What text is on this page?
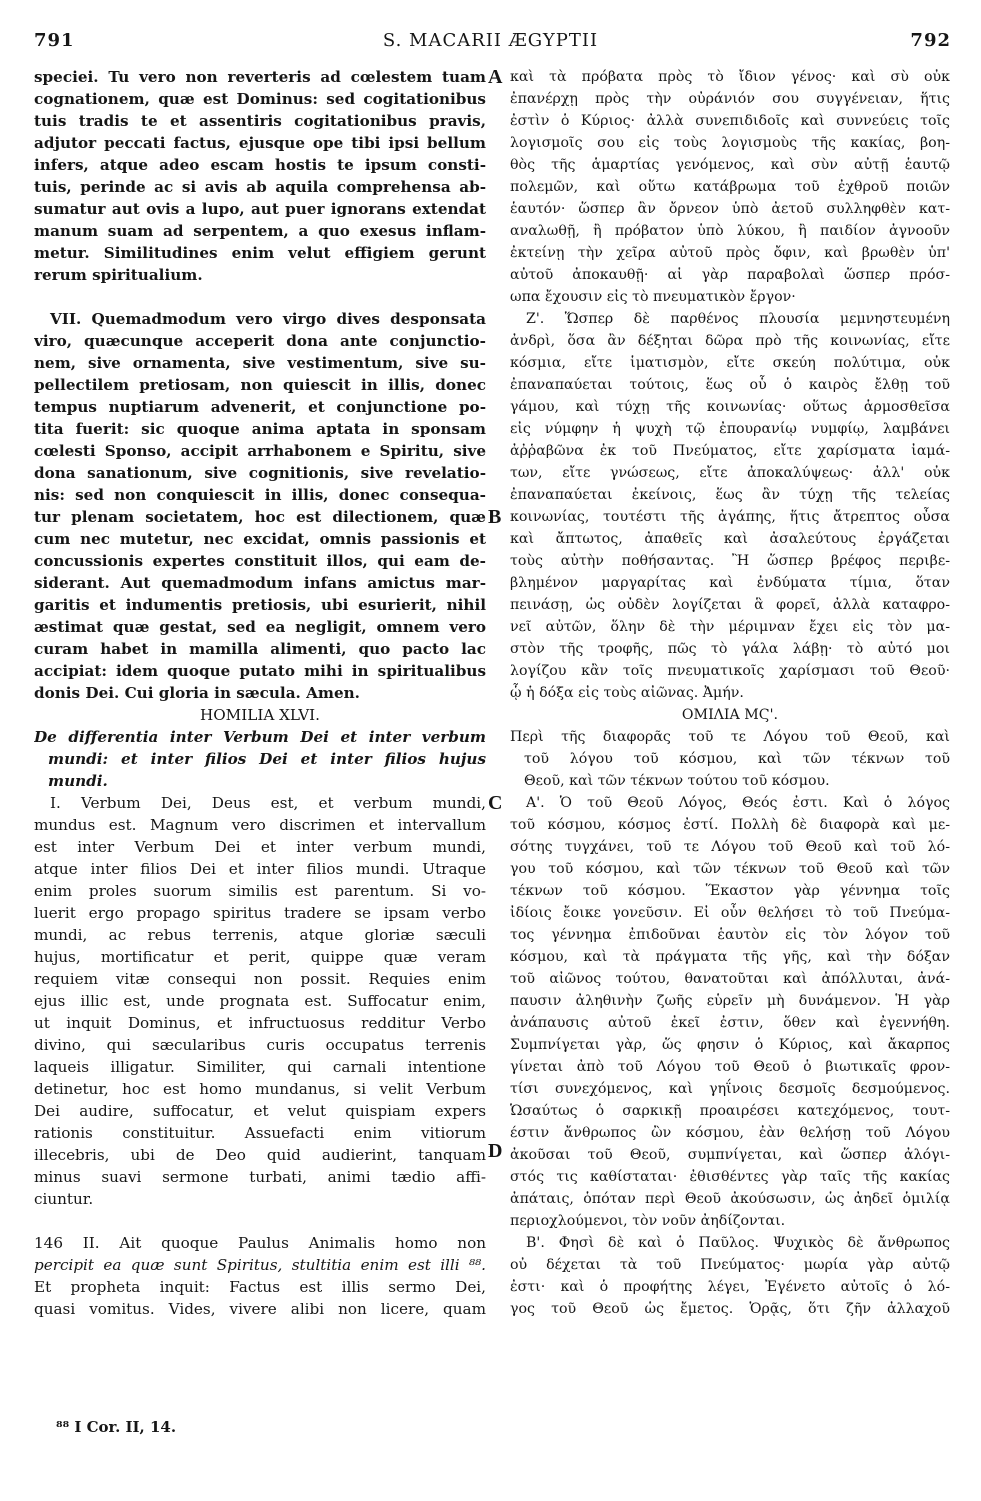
791	S. MACARII ÆGYPTII	792
speciei. Tu vero non reverteris ad cœlestem tuam
cognationem, quæ est Dominus: sed cogitationibus
tuis tradis te et assentiris cogitationibus pravis,
adjutor peccati factus, ejusque ope tibi ipsi bellum
infers, atque adeo escam hostis te ipsum consti-
tuis, perinde ac si avis ab aquila comprehensa ab-
sumatur aut ovis a lupo, aut puer ignorans extendat
manum suam ad serpentem, a quo exesus inflam-
metur. Similitudines enim velut effigiem gerunt
rerum spiritualium.
VII. Quemadmodum vero virgo dives desponsata
viro, quæcunque acceperit dona ante conjunctio-
nem, sive ornamenta, sive vestimentum, sive su-
pellectilem pretiosam, non quiescit in illis, donec
tempus nuptiarum advenerit, et conjunctione po-
tita fuerit: sic quoque anima aptata in sponsam
cœlesti Sponso, accipit arrhabonem e Spiritu, sive
dona sanationum, sive cognitionis, sive revelatio-
nis: sed non conquiescit in illis, donec consequa-
tur plenam societatem, hoc est dilectionem, quæ
cum nec mutetur, nec excidat, omnis passionis et
concussionis expertes constituit illos, qui eam de-
siderant. Aut quemadmodum infans amictus mar-
garitis et indumentis pretiosis, ubi esurierit, nihil
æstimat quæ gestat, sed ea negligit, omnem vero
curam habet in mamilla alimenti, quo pacto lac
accipiat: idem quoque putato mihi in spiritualibus
donis Dei. Cui gloria in sæcula. Amen.
HOMILIA XLVI.
De differentia inter Verbum Dei et inter verbum
mundi: et inter filios Dei et inter filios hujus
mundi.
I. Verbum Dei, Deus est, et verbum mundi,
mundus est. Magnum vero discrimen et intervallum
est inter Verbum Dei et inter verbum mundi,
atque inter filios Dei et inter filios mundi. Utraque
enim proles suorum similis est parentum. Si vo-
luerit ergo propago spiritus tradere se ipsam verbo
mundi, ac rebus terrenis, atque gloriæ sæculi
hujus, mortificatur et perit, quippe quæ veram
requiem vitæ consequi non possit. Requies enim
ejus illic est, unde prognata est. Suffocatur enim,
ut inquit Dominus, et infructuosus redditur Verbo
divino, qui sæcularibus curis occupatus terrenis
laqueis illigatur. Similiter, qui carnali intentione
detinetur, hoc est homo mundanus, si velit Verbum
Dei audire, suffocatur, et velut quispiam expers
rationis constituitur. Assuefacti enim vitiorum
illecebris, ubi de Deo quid audierint, tanquam
minus suavi sermone turbati, animi tædio affi-
ciuntur.
146 II. Ait quoque Paulus Animalis homo non
percipit ea quæ sunt Spiritus, stultitia enim est illi ⁸⁸.
Et propheta inquit: Factus est illis sermo Dei,
quasi vomitus. Vides, vivere alibi non licere, quam
καὶ τὰ πρόβατα πρὸς τὸ ἴδιον γένος· καὶ σὺ οὐκ
ἐπανέρχῃ πρὸς τὴν οὐράνιόν σου συγγένειαν, ἥτις
ἐστὶν ὁ Κύριος· ἀλλὰ συνεπιδιδοῖς καὶ συννεύεις τοῖς
λογισμοῖς σου εἰς τοὺς λογισμοὺς τῆς κακίας, βοη-
θὸς τῆς ἁμαρτίας γενόμενος, καὶ σὺν αὐτῇ ἑαυτῷ
πολεμῶν, καὶ οὕτω κατάβρωμα τοῦ ἐχθροῦ ποιῶν
ἑαυτόν· ὥσπερ ἂν ὄρνεον ὑπὸ ἀετοῦ συλληφθὲν κατ-
αναλωθῇ, ἢ πρόβατον ὑπὸ λύκου, ἢ παιδίον ἀγνοοῦν
ἐκτείνῃ τὴν χεῖρα αὐτοῦ πρὸς ὄφιν, καὶ βρωθὲν ὑπ'
αὐτοῦ ἀποκαυθῇ· αἱ γὰρ παραβολαὶ ὥσπερ πρόσ-
ωπα ἔχουσιν εἰς τὸ πνευματικὸν ἔργον·
Ζ'. Ὥσπερ δὲ παρθένος πλουσία μεμνηστευμένη
ἀνδρὶ, ὅσα ἂν δέξηται δῶρα πρὸ τῆς κοινωνίας, εἴτε
κόσμια, εἴτε ἱματισμὸν, εἴτε σκεύη πολύτιμα, οὐκ
ἐπαναπαύεται τούτοις, ἕως οὗ ὁ καιρὸς ἔλθῃ τοῦ
γάμου, καὶ τύχῃ τῆς κοινωνίας· οὕτως ἁρμοσθεῖσα
εἰς νύμφην ἡ ψυχὴ τῷ ἐπουρανίῳ νυμφίῳ, λαμβάνει
ἀῤῥαβῶνα ἐκ τοῦ Πνεύματος, εἴτε χαρίσματα ἰαμά-
των, εἴτε γνώσεως, εἴτε ἀποκαλύψεως· ἀλλ' οὐκ
ἐπαναπαύεται ἐκείνοις, ἕως ἂν τύχῃ τῆς τελείας
κοινωνίας, τουτέστι τῆς ἀγάπης, ἥτις ἄτρεπτος οὖσα
καὶ ἄπτωτος, ἀπαθεῖς καὶ ἀσαλεύτους ἐργάζεται
τοὺς αὐτὴν ποθήσαντας. Ἢ ὥσπερ βρέφος περιβε-
βλημένον μαργαρίτας καὶ ἐνδύματα τίμια, ὅταν
πεινάσῃ, ὡς οὐδὲν λογίζεται ἃ φορεῖ, ἀλλὰ καταφρο-
νεῖ αὐτῶν, ὅλην δὲ τὴν μέριμναν ἔχει εἰς τὸν μα-
στὸν τῆς τροφῆς, πῶς τὸ γάλα λάβῃ· τὸ αὐτό μοι
λογίζου κἂν τοῖς πνευματικοῖς χαρίσμασι τοῦ Θεοῦ·
ᾧ ἡ δόξα εἰς τοὺς αἰῶνας. Ἀμήν.
ΟΜΙΛΙΑ ΜϚ'.
Περὶ τῆς διαφορᾶς τοῦ τε Λόγου τοῦ Θεοῦ, καὶ
τοῦ λόγου τοῦ κόσμου, καὶ τῶν τέκνων τοῦ
Θεοῦ, καὶ τῶν τέκνων τούτου τοῦ κόσμου.
Α'. Ὁ τοῦ Θεοῦ Λόγος, Θεός ἐστι. Καὶ ὁ λόγος
τοῦ κόσμου, κόσμος ἐστί. Πολλὴ δὲ διαφορὰ καὶ με-
σότης τυγχάνει, τοῦ τε Λόγου τοῦ Θεοῦ καὶ τοῦ λό-
γου τοῦ κόσμου, καὶ τῶν τέκνων τοῦ Θεοῦ καὶ τῶν
τέκνων τοῦ κόσμου. Ἕκαστον γὰρ γέννημα τοῖς
ἰδίοις ἔοικε γονεῦσιν. Εἰ οὖν θελήσει τὸ τοῦ Πνεύμα-
τος γέννημα ἐπιδοῦναι ἑαυτὸν εἰς τὸν λόγον τοῦ
κόσμου, καὶ τὰ πράγματα τῆς γῆς, καὶ τὴν δόξαν
τοῦ αἰῶνος τούτου, θανατοῦται καὶ ἀπόλλυται, ἀνά-
παυσιν ἀληθινὴν ζωῆς εὑρεῖν μὴ δυνάμενον. Ἡ γὰρ
ἀνάπαυσις αὐτοῦ ἐκεῖ ἐστιν, ὅθεν καὶ ἐγεννήθη.
Συμπνίγεται γὰρ, ὥς φησιν ὁ Κύριος, καὶ ἄκαρπος
γίνεται ἀπὸ τοῦ Λόγου τοῦ Θεοῦ ὁ βιωτικαῖς φρον-
τίσι συνεχόμενος, καὶ γηΐνοις δεσμοῖς δεσμούμενος.
Ὡσαύτως ὁ σαρκικῇ προαιρέσει κατεχόμενος, τουτ-
έστιν ἄνθρωπος ὢν κόσμου, ἐὰν θελήσῃ τοῦ Λόγου
ἀκοῦσαι τοῦ Θεοῦ, συμπνίγεται, καὶ ὥσπερ ἀλόγι-
στός τις καθίσταται· ἐθισθέντες γὰρ ταῖς τῆς κακίας
ἀπάταις, ὁπόταν περὶ Θεοῦ ἀκούσωσιν, ὡς ἀηδεῖ ὁμιλίᾳ
περιοχλούμενοι, τὸν νοῦν ἀηδίζονται.
Β'. Φησὶ δὲ καὶ ὁ Παῦλος. Ψυχικὸς δὲ ἄνθρωπος
οὐ δέχεται τὰ τοῦ Πνεύματος· μωρία γὰρ αὐτῷ
ἐστι· καὶ ὁ προφήτης λέγει, Ἐγένετο αὐτοῖς ὁ λό-
γος τοῦ Θεοῦ ὡς ἔμετος. Ὁρᾷς, ὅτι ζῆν ἀλλαχοῦ
A
B
C
D
⁸⁸ I Cor. II, 14.
